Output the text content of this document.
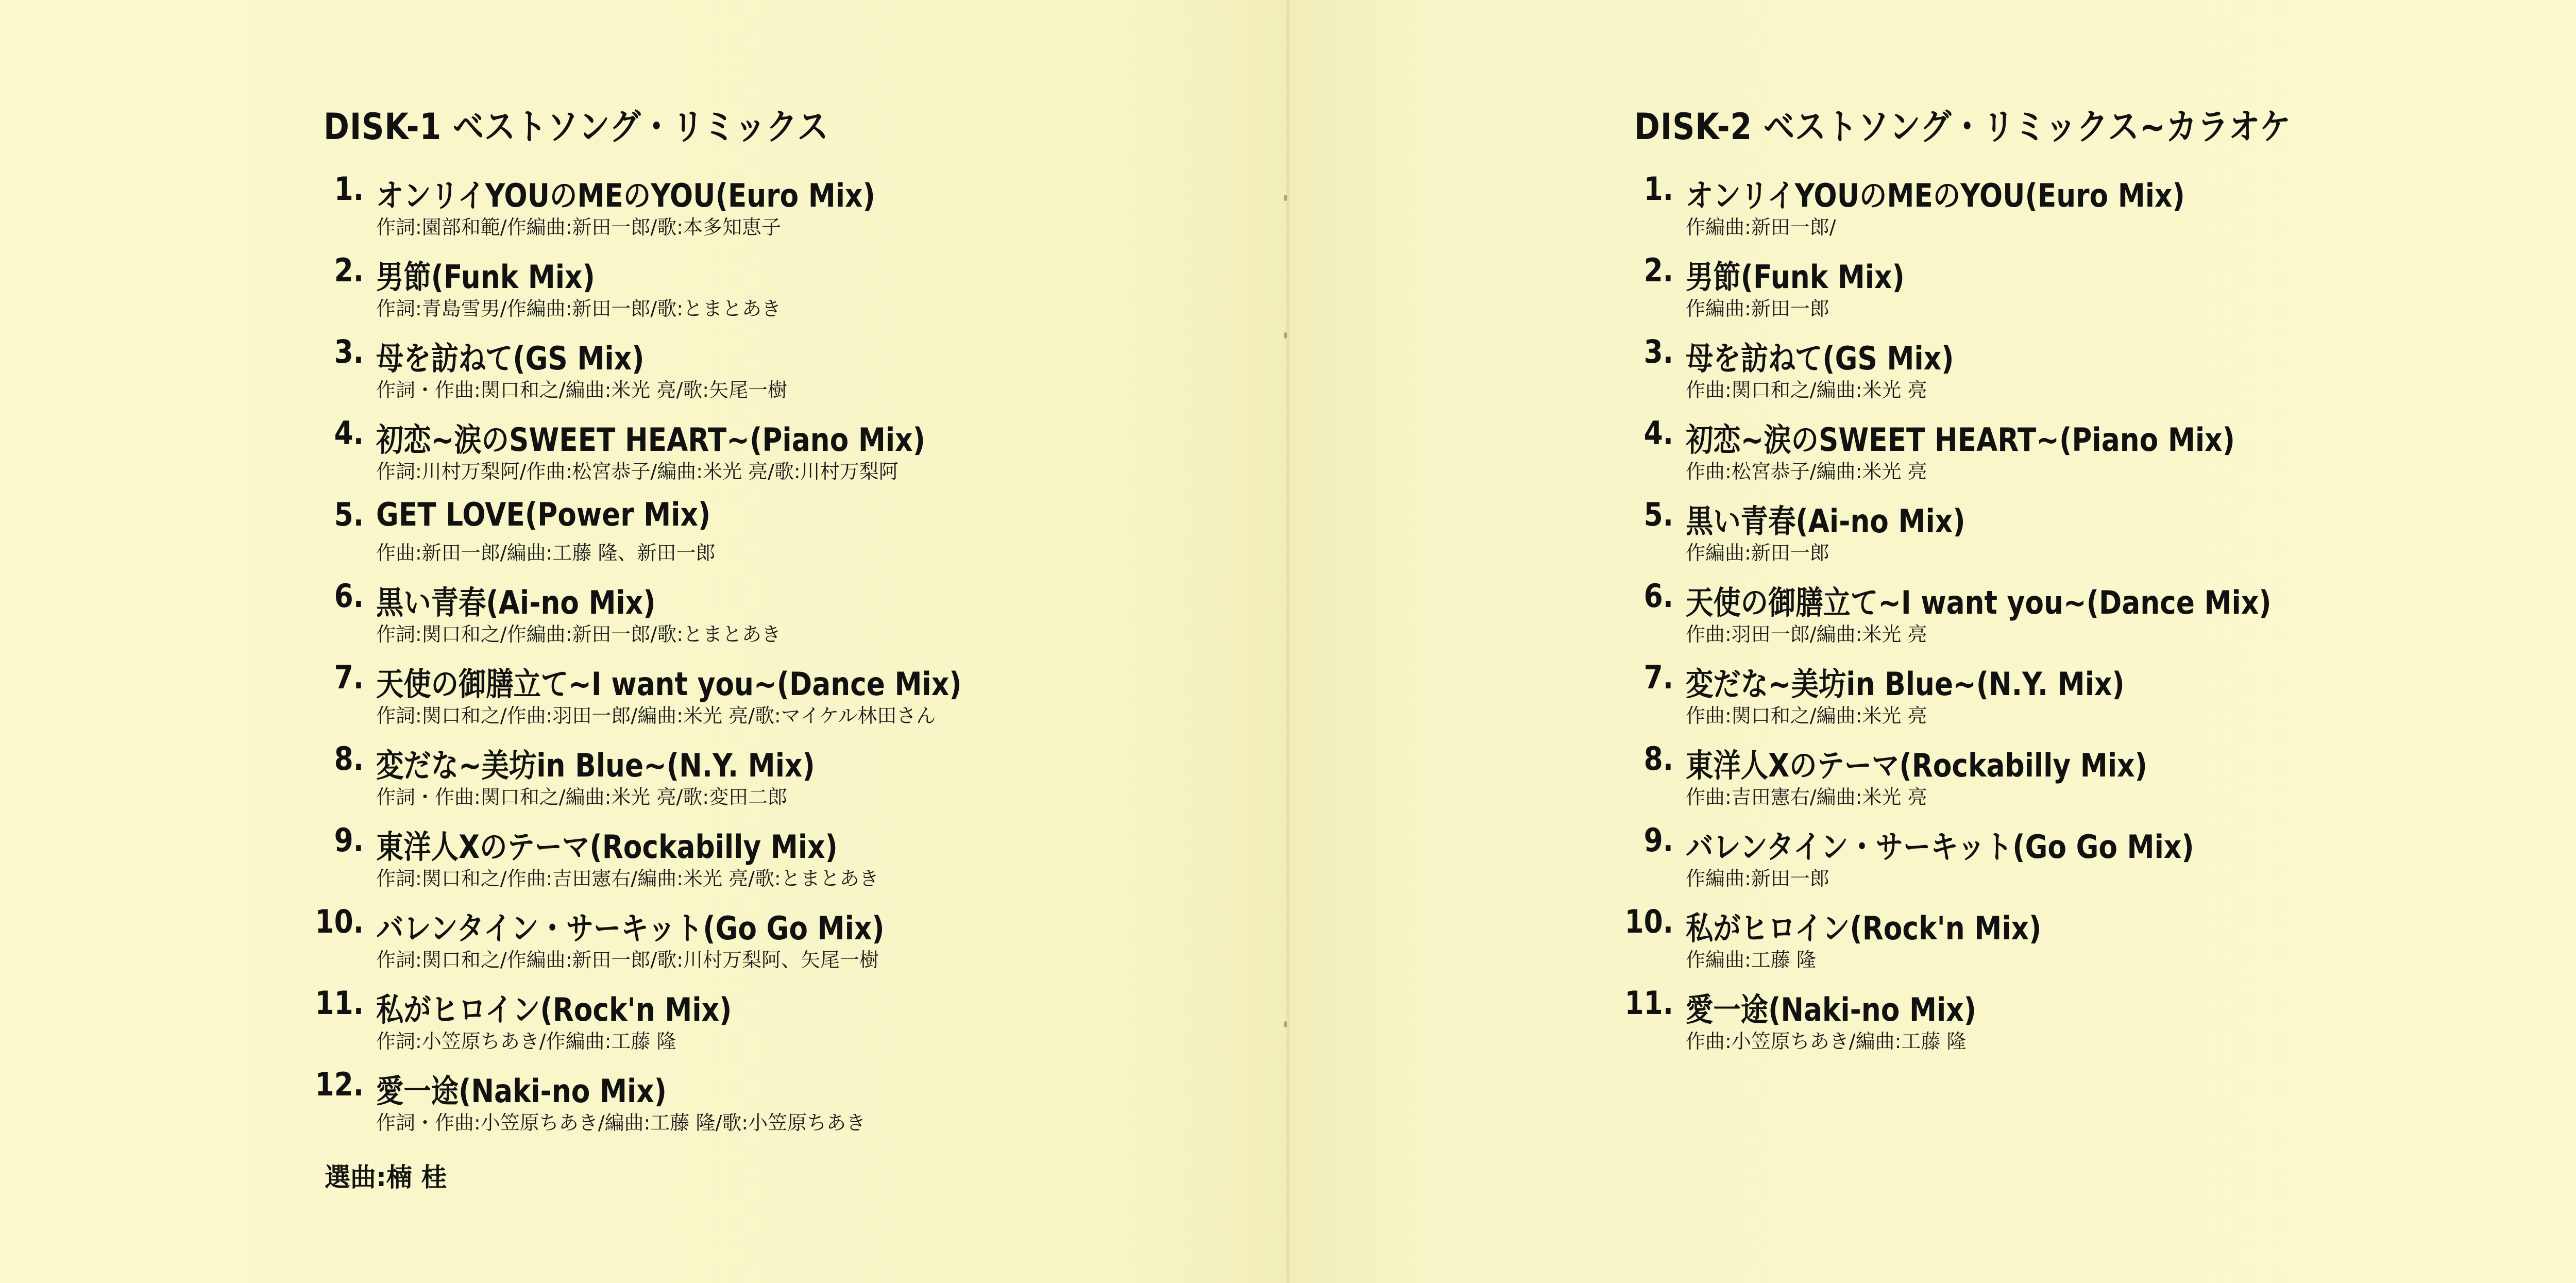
DISK-1 ベストソング・リミックス
1. オンリイYOUのMEのYOU(Euro Mix)
作詞:園部和範/作編曲:新田一郎/歌:本多知恵子
2. 男節(Funk Mix)
作詞:青島雪男/作編曲:新田一郎/歌:とまとあき
3. 母を訪ねて(GS Mix)
作詞・作曲:関口和之/編曲:米光 亮/歌:矢尾一樹
4. 初恋~涙のSWEET HEART~(Piano Mix)
作詞:川村万梨阿/作曲:松宮恭子/編曲:米光 亮/歌:川村万梨阿
5. GET LOVE(Power Mix)
作曲:新田一郎/編曲:工藤 隆、新田一郎
6. 黒い青春(Ai-no Mix)
作詞:関口和之/作編曲:新田一郎/歌:とまとあき
7. 天使の御膳立て~I want you~(Dance Mix)
作詞:関口和之/作曲:羽田一郎/編曲:米光 亮/歌:マイケル林田さん
8. 変だな~美坊in Blue~(N.Y. Mix)
作詞・作曲:関口和之/編曲:米光 亮/歌:変田二郎
9. 東洋人Xのテーマ(Rockabilly Mix)
作詞:関口和之/作曲:吉田憲右/編曲:米光 亮/歌:とまとあき
10. バレンタイン・サーキット(Go Go Mix)
作詞:関口和之/作編曲:新田一郎/歌:川村万梨阿、矢尾一樹
11. 私がヒロイン(Rock'n Mix)
作詞:小笠原ちあき/作編曲:工藤 隆
12. 愛一途(Naki-no Mix)
作詞・作曲:小笠原ちあき/編曲:工藤 隆/歌:小笠原ちあき
選曲:楠 桂
DISK-2 ベストソング・リミックス~カラオケ
1. オンリイYOUのMEのYOU(Euro Mix)
作編曲:新田一郎/
2. 男節(Funk Mix)
作編曲:新田一郎
3. 母を訪ねて(GS Mix)
作曲:関口和之/編曲:米光 亮
4. 初恋~涙のSWEET HEART~(Piano Mix)
作曲:松宮恭子/編曲:米光 亮
5. 黒い青春(Ai-no Mix)
作編曲:新田一郎
6. 天使の御膳立て~I want you~(Dance Mix)
作曲:羽田一郎/編曲:米光 亮
7. 変だな~美坊in Blue~(N.Y. Mix)
作曲:関口和之/編曲:米光 亮
8. 東洋人Xのテーマ(Rockabilly Mix)
作曲:吉田憲右/編曲:米光 亮
9. バレンタイン・サーキット(Go Go Mix)
作編曲:新田一郎
10. 私がヒロイン(Rock'n Mix)
作編曲:工藤 隆
11. 愛一途(Naki-no Mix)
作曲:小笠原ちあき/編曲:工藤 隆
